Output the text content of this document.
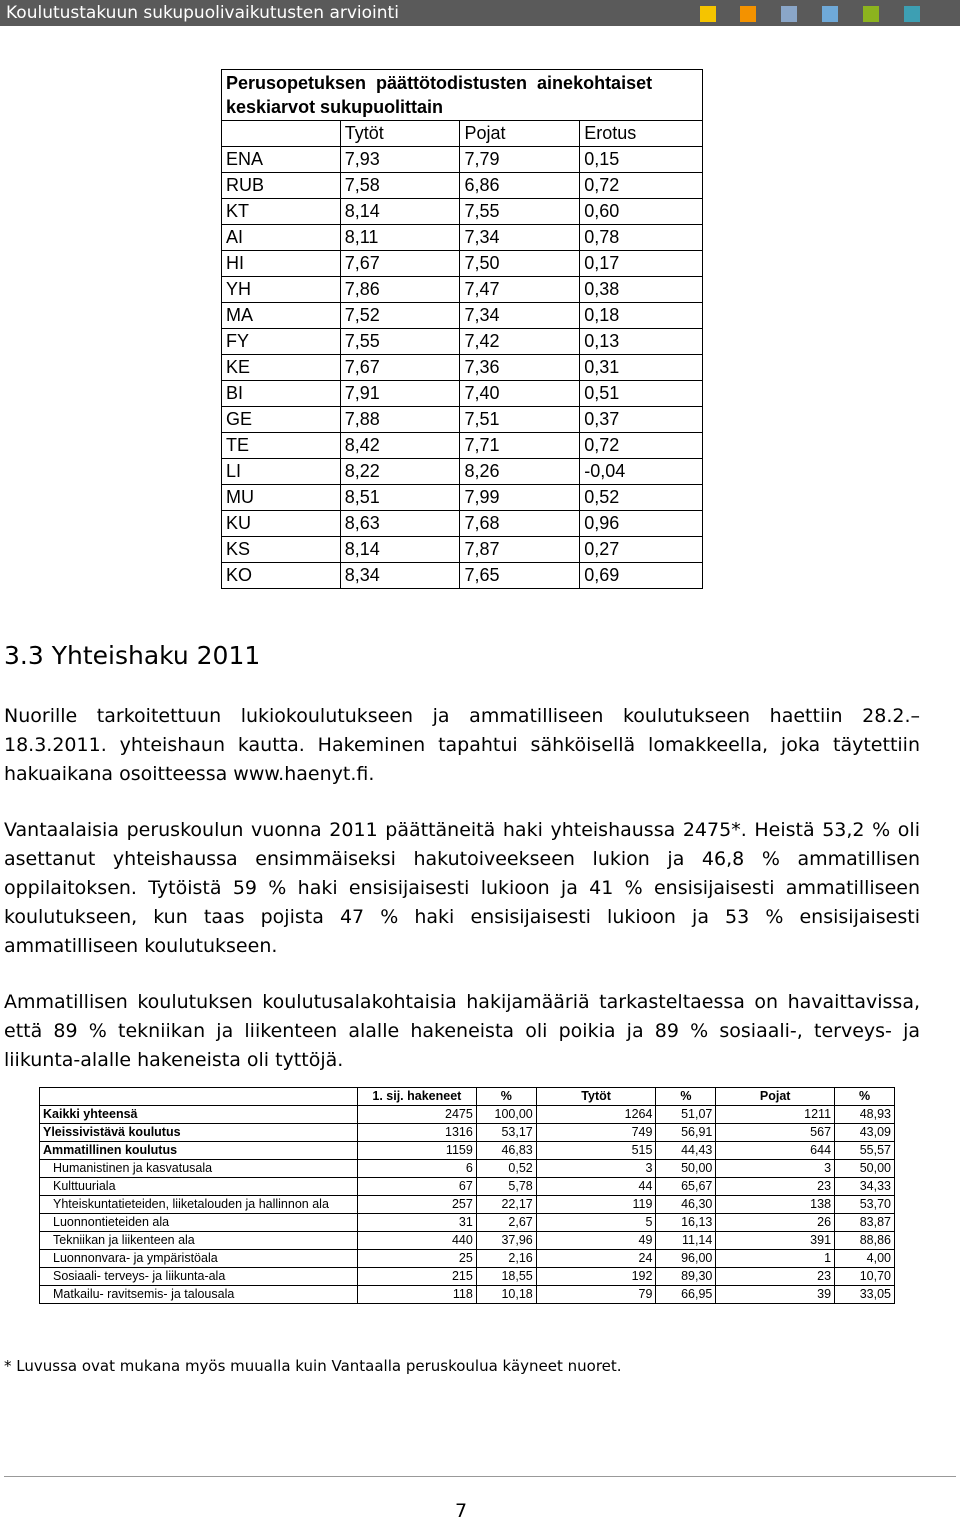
Koulutustakuun sukupuolivaikutusten arviointi
Perusopetuksen  päättötodistusten  ainekohtaiset
keskiarvot sukupuolittain			

	Tytöt	Pojat	Erotus
ENA	7,93	7,79	0,15
RUB	7,58	6,86	0,72
KT	8,14	7,55	0,60
AI	8,11	7,34	0,78
HI	7,67	7,50	0,17
YH	7,86	7,47	0,38
MA	7,52	7,34	0,18
FY	7,55	7,42	0,13
KE	7,67	7,36	0,31
BI	7,91	7,40	0,51
GE	7,88	7,51	0,37
TE	8,42	7,71	0,72
LI	8,22	8,26	-0,04
MU	8,51	7,99	0,52
KU	8,63	7,68	0,96
KS	8,14	7,87	0,27
KO	8,34	7,65	0,69
3.3 Yhteishaku 2011

Nuorille tarkoitettuun lukiokoulutukseen ja ammatilliseen koulutukseen haettiin 28.2.–18.3.2011. yhteishaun kautta. Hakeminen tapahtui sähköisellä lomakkeella, joka täytettiin hakuaikana osoitteessa www.haenyt.fi.

Vantaalaisia peruskoulun vuonna 2011 päättäneitä haki yhteishaussa 2475*. Heistä 53,2 % oli asettanut yhteishaussa ensimmäiseksi hakutoiveekseen lukion ja 46,8 % ammatillisen oppilaitoksen. Tytöistä 59 % haki ensisijaisesti lukioon ja 41 % ensisijaisesti ammatilliseen koulutukseen, kun taas pojista 47 % haki ensisijaisesti lukioon ja 53 % ensisijaisesti ammatilliseen koulutukseen.

Ammatillisen koulutuksen koulutusalakohtaisia hakijamääriä tarkasteltaessa on havaittavissa, että 89 % tekniikan ja liikenteen alalle hakeneista oli poikia ja 89 % sosiaali-, terveys- ja liikunta-alalle hakeneista oli tyttöjä.

	1. sij. hakeneet	%	Tytöt	%	Pojat	%
Kaikki yhteensä	2475	100,00	1264	51,07	1211	48,93
Yleissivistävä koulutus	1316	53,17	749	56,91	567	43,09
Ammatillinen koulutus	1159	46,83	515	44,43	644	55,57
Humanistinen ja kasvatusala	6	0,52	3	50,00	3	50,00
Kulttuuriala	67	5,78	44	65,67	23	34,33
Yhteiskuntatieteiden, liiketalouden ja hallinnon ala	257	22,17	119	46,30	138	53,70
Luonnontieteiden ala	31	2,67	5	16,13	26	83,87
Tekniikan ja liikenteen ala	440	37,96	49	11,14	391	88,86
Luonnonvara- ja ympäristöala	25	2,16	24	96,00	1	4,00
Sosiaali- terveys- ja liikunta-ala	215	18,55	192	89,30	23	10,70
Matkailu- ravitsemis- ja talousala	118	10,18	79	66,95	39	33,05

* Luvussa ovat mukana myös muualla kuin Vantaalla peruskoulua käyneet nuoret.

7
